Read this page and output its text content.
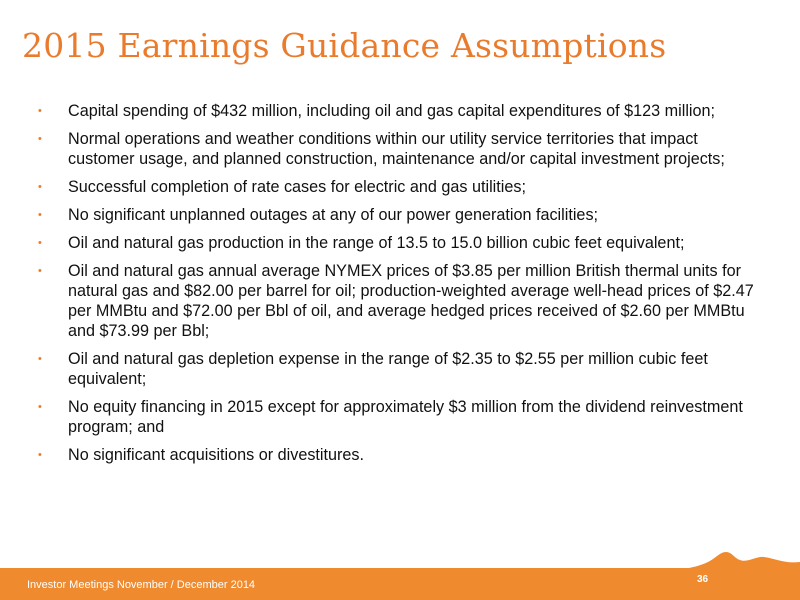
2015 Earnings Guidance Assumptions
• Capital spending of $432 million, including oil and gas capital expenditures of $123 million;
• Normal operations and weather conditions within our utility service territories that impact customer usage, and planned construction, maintenance and/or capital investment projects;
• Successful completion of rate cases for electric and gas utilities;
• No significant unplanned outages at any of our power generation facilities;
• Oil and natural gas production in the range of 13.5 to 15.0 billion cubic feet equivalent;
• Oil and natural gas annual average NYMEX prices of $3.85 per million British thermal units for natural gas and $82.00 per barrel for oil; production-weighted average well-head prices of $2.47 per MMBtu and $72.00 per Bbl of oil, and average hedged prices received of $2.60 per MMBtu and $73.99 per Bbl;
• Oil and natural gas depletion expense in the range of $2.35 to $2.55 per million cubic feet equivalent;
• No equity financing in 2015 except for approximately $3 million from the dividend reinvestment program; and
• No significant acquisitions or divestitures.
Investor Meetings November / December 2014	36
